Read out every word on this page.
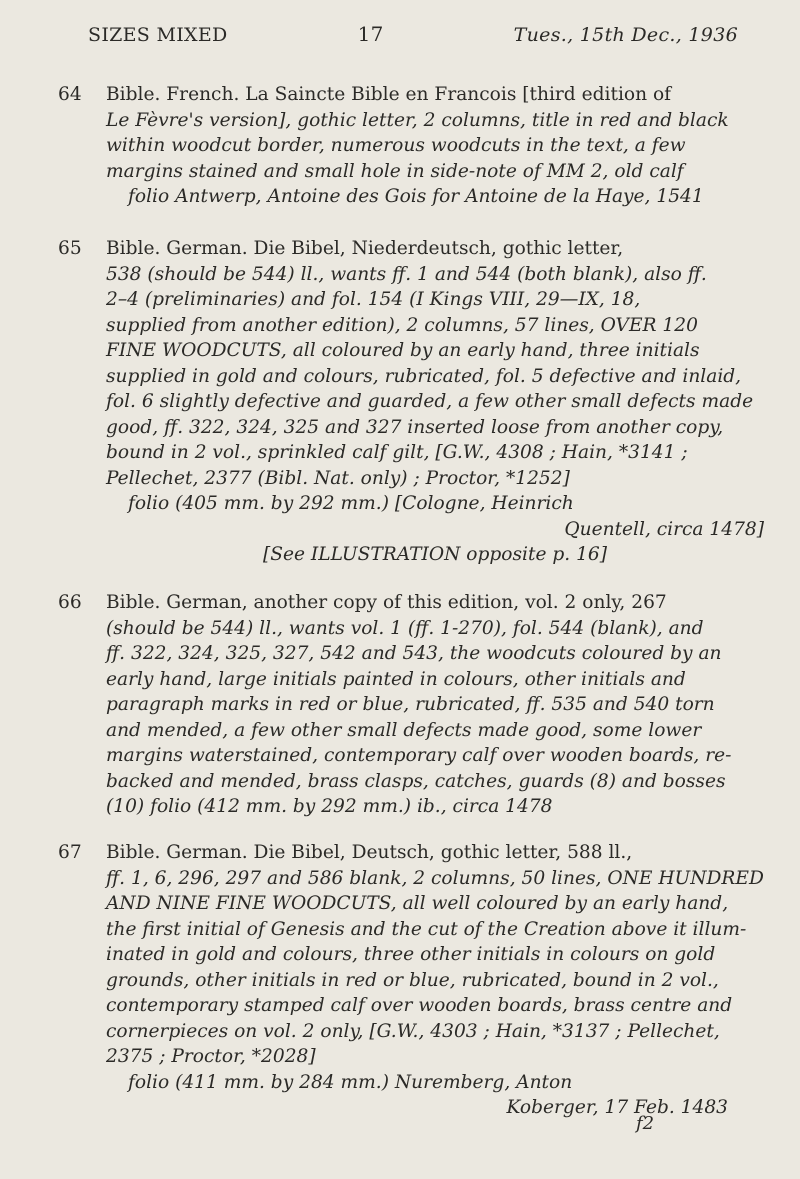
SIZES MIXED	17	Tues., 15th Dec., 1936
64	Bible. French. La Saincte Bible en Francois [third edition of
Le Fèvre's version], gothic letter, 2 columns, title in red and black
within woodcut border, numerous woodcuts in the text, a few
margins stained and small hole in side-note of MM 2, old calf
folio Antwerp, Antoine des Gois for Antoine de la Haye, 1541
65	Bible. German. Die Bibel, Niederdeutsch, gothic letter,
538 (should be 544) ll., wants ff. 1 and 544 (both blank), also ff.
2–4 (preliminaries) and fol. 154 (I Kings VIII, 29—IX, 18,
supplied from another edition), 2 columns, 57 lines, OVER 120
FINE WOODCUTS, all coloured by an early hand, three initials
supplied in gold and colours, rubricated, fol. 5 defective and inlaid,
fol. 6 slightly defective and guarded, a few other small defects made
good, ff. 322, 324, 325 and 327 inserted loose from another copy,
bound in 2 vol., sprinkled calf gilt, [G.W., 4308 ; Hain, *3141 ;
Pellechet, 2377 (Bibl. Nat. only) ; Proctor, *1252]
folio (405 mm. by 292 mm.) [Cologne, Heinrich
Quentell, circa 1478]
[See ILLUSTRATION opposite p. 16]
66	Bible. German, another copy of this edition, vol. 2 only, 267
(should be 544) ll., wants vol. 1 (ff. 1-270), fol. 544 (blank), and
ff. 322, 324, 325, 327, 542 and 543, the woodcuts coloured by an
early hand, large initials painted in colours, other initials and
paragraph marks in red or blue, rubricated, ff. 535 and 540 torn
and mended, a few other small defects made good, some lower
margins waterstained, contemporary calf over wooden boards, re-
backed and mended, brass clasps, catches, guards (8) and bosses
(10) folio (412 mm. by 292 mm.) ib., circa 1478
67	Bible. German. Die Bibel, Deutsch, gothic letter, 588 ll.,
ff. 1, 6, 296, 297 and 586 blank, 2 columns, 50 lines, ONE HUNDRED
AND NINE FINE WOODCUTS, all well coloured by an early hand,
the first initial of Genesis and the cut of the Creation above it illum-
inated in gold and colours, three other initials in colours on gold
grounds, other initials in red or blue, rubricated, bound in 2 vol.,
contemporary stamped calf over wooden boards, brass centre and
cornerpieces on vol. 2 only, [G.W., 4303 ; Hain, *3137 ; Pellechet,
2375 ; Proctor, *2028]
folio (411 mm. by 284 mm.) Nuremberg, Anton
Koberger, 17 Feb. 1483
f2
